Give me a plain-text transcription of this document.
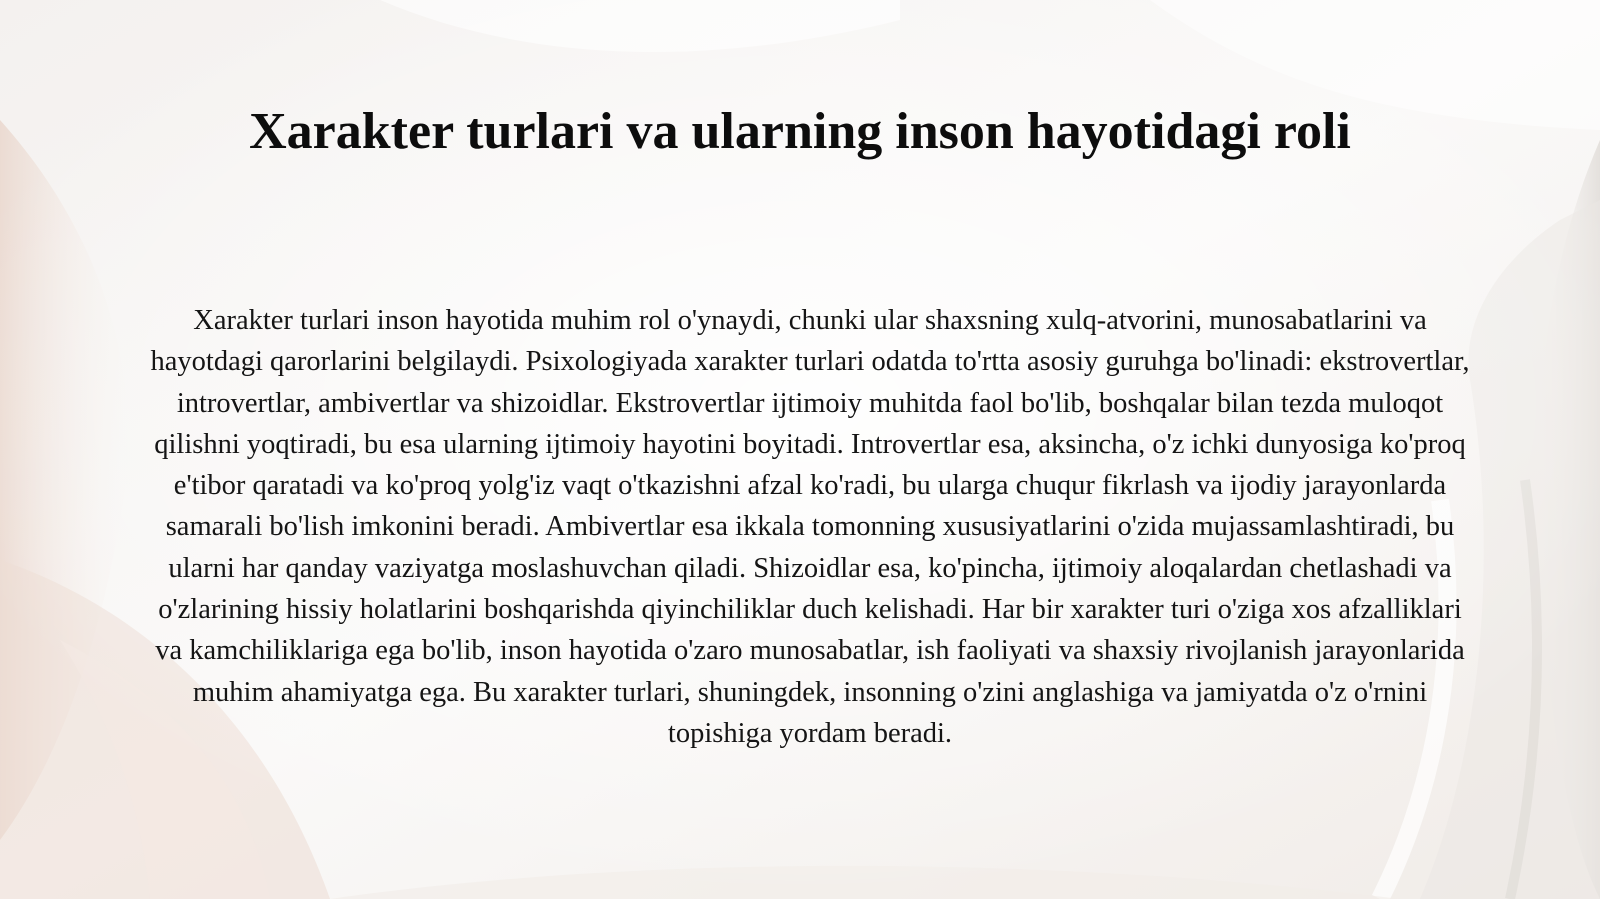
Xarakter turlari va ularning inson hayotidagi roli

Xarakter turlari inson hayotida muhim rol o'ynaydi, chunki ular shaxsning xulq-atvorini, munosabatlarini va hayotdagi qarorlarini belgilaydi. Psixologiyada xarakter turlari odatda to'rtta asosiy guruhga bo'linadi: ekstrovertlar, introvertlar, ambivertlar va shizoidlar. Ekstrovertlar ijtimoiy muhitda faol bo'lib, boshqalar bilan tezda muloqot qilishni yoqtiradi, bu esa ularning ijtimoiy hayotini boyitadi. Introvertlar esa, aksincha, o'z ichki dunyosiga ko'proq e'tibor qaratadi va ko'proq yolg'iz vaqt o'tkazishni afzal ko'radi, bu ularga chuqur fikrlash va ijodiy jarayonlarda samarali bo'lish imkonini beradi. Ambivertlar esa ikkala tomonning xususiyatlarini o'zida mujassamlashtiradi, bu ularni har qanday vaziyatga moslashuvchan qiladi. Shizoidlar esa, ko'pincha, ijtimoiy aloqalardan chetlashadi va o'zlarining hissiy holatlarini boshqarishda qiyinchiliklar duch kelishadi. Har bir xarakter turi o'ziga xos afzalliklari va kamchiliklariga ega bo'lib, inson hayotida o'zaro munosabatlar, ish faoliyati va shaxsiy rivojlanish jarayonlarida muhim ahamiyatga ega. Bu xarakter turlari, shuningdek, insonning o'zini anglashiga va jamiyatda o'z o'rnini topishiga yordam beradi.
